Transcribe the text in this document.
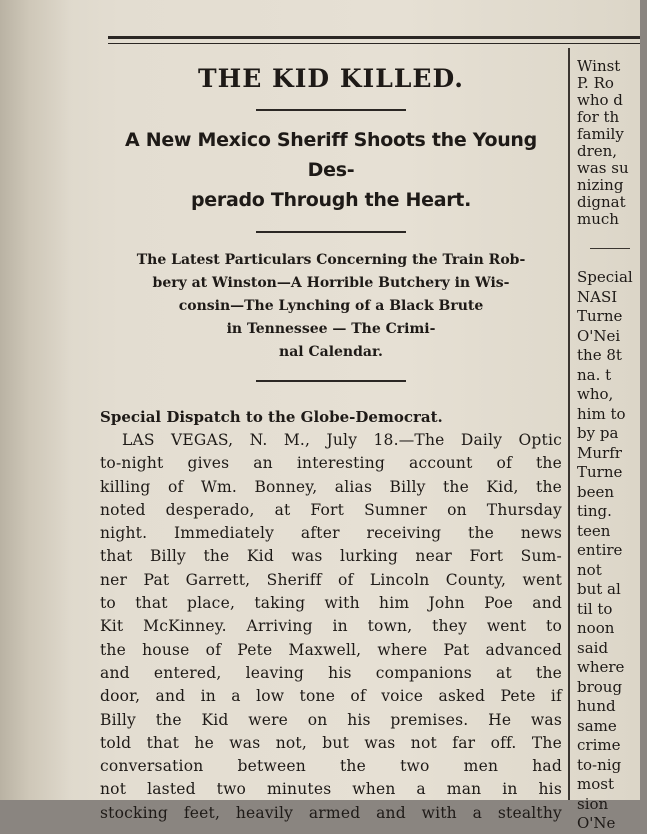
THE KID KILLED.
A New Mexico Sheriff Shoots the Young Des-
perado Through the Heart.
The Latest Particulars Concerning the Train Rob-
bery at Winston—A Horrible Butchery in Wis-
consin—The Lynching of a Black Brute
in Tennessee — The Crimi-
nal Calendar.
Special Dispatch to the Globe-Democrat.
LAS VEGAS, N. M., July 18.—The Daily Optic
to-night gives an interesting account of the
killing of Wm. Bonney, alias Billy the Kid, the
noted desperado, at Fort Sumner on Thursday
night. Immediately after receiving the news
that Billy the Kid was lurking near Fort Sum-
ner Pat Garrett, Sheriff of Lincoln County, went
to that place, taking with him John Poe and
Kit McKinney. Arriving in town, they went to
the house of Pete Maxwell, where Pat advanced
and entered, leaving his companions at the
door, and in a low tone of voice asked Pete if
Billy the Kid were on his premises. He was
told that he was not, but was not far off. The
conversation between the two men had
not lasted two minutes when a man in his
stocking feet, heavily armed and with a stealthy
Winst
P. Ro
who d
for th
family
dren,
was su
nizing
dignat
much
Special
NASI
Turne
O'Nei
the 8t
na. t
who,
him to
by pa
Murfr
Turne
been
ting.
teen
entire
not
but al
til to
noon
said
where
broug
hund
same
crime
to-nig
most
sion
O'Ne
